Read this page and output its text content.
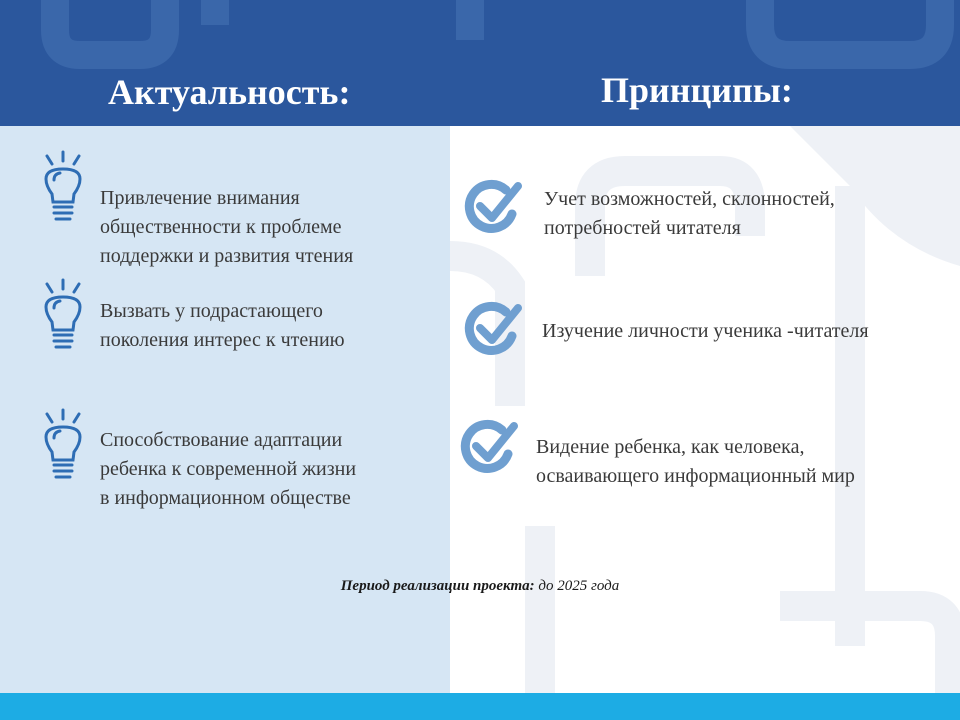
Актуальность:	Принципы:
Привлечение внимания
общественности к проблеме
поддержки и развития чтения
Вызвать у подрастающего
поколения интерес к чтению
Способствование адаптации
ребенка к современной жизни
в информационном обществе
Учет возможностей, склонностей,
потребностей читателя
Изучение личности ученика -читателя
Видение ребенка, как человека,
осваивающего информационный мир
Период реализации проекта: до 2025 года
